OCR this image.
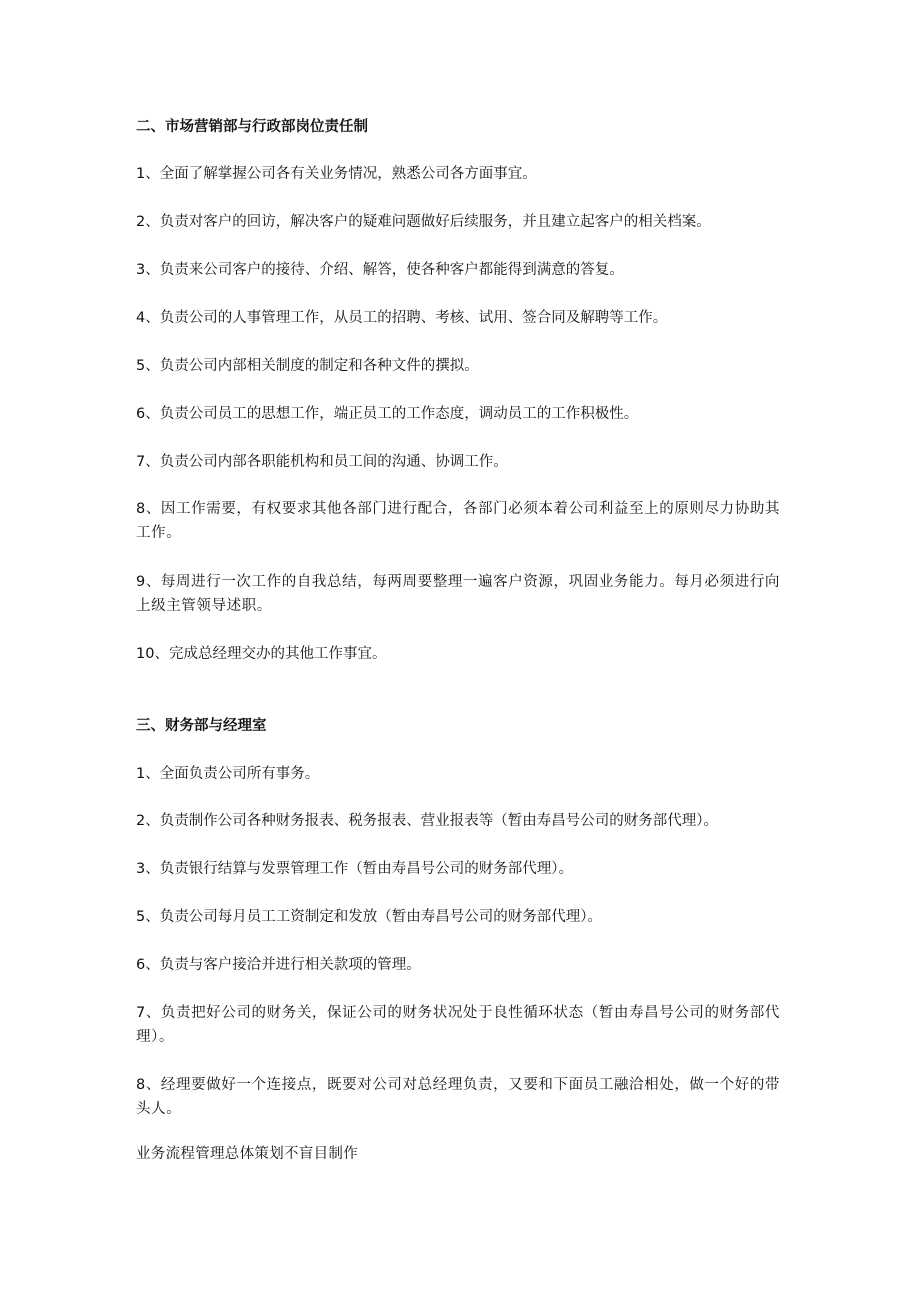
二、市场营销部与行政部岗位责任制
1、全面了解掌握公司各有关业务情况，熟悉公司各方面事宜。
2、负责对客户的回访，解决客户的疑难问题做好后续服务，并且建立起客户的相关档案。
3、负责来公司客户的接待、介绍、解答，使各种客户都能得到满意的答复。
4、负责公司的人事管理工作，从员工的招聘、考核、试用、签合同及解聘等工作。
5、负责公司内部相关制度的制定和各种文件的撰拟。
6、负责公司员工的思想工作，端正员工的工作态度，调动员工的工作积极性。
7、负责公司内部各职能机构和员工间的沟通、协调工作。
8、因工作需要，有权要求其他各部门进行配合，各部门必须本着公司利益至上的原则尽力协助其工作。
9、每周进行一次工作的自我总结，每两周要整理一遍客户资源，巩固业务能力。每月必须进行向上级主管领导述职。
10、完成总经理交办的其他工作事宜。
三、财务部与经理室
1、全面负责公司所有事务。
2、负责制作公司各种财务报表、税务报表、营业报表等（暂由寿昌号公司的财务部代理）。
3、负责银行结算与发票管理工作（暂由寿昌号公司的财务部代理）。
5、负责公司每月员工工资制定和发放（暂由寿昌号公司的财务部代理）。
6、负责与客户接洽并进行相关款项的管理。
7、负责把好公司的财务关，保证公司的财务状况处于良性循环状态（暂由寿昌号公司的财务部代理）。
8、经理要做好一个连接点，既要对公司对总经理负责，又要和下面员工融洽相处，做一个好的带头人。
业务流程管理总体策划不盲目制作
